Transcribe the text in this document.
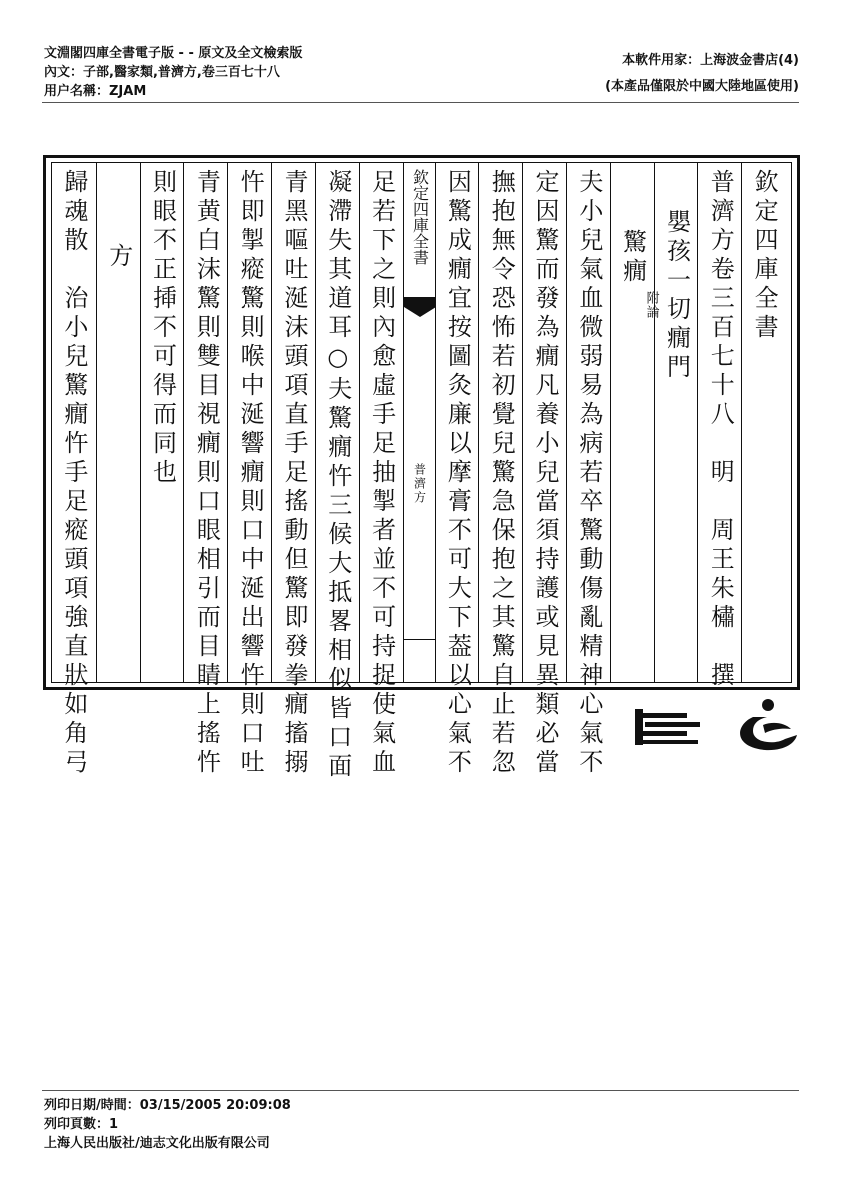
文淵閣四庫全書電子版 - - 原文及全文檢索版
內文：子部,醫家類,普濟方,卷三百七十八
用户名稱：ZJAM
本軟件用家：上海波金書店(4)
(本產品僅限於中國大陸地區使用)
欽定四庫全書
普濟方卷三百七十八　明　周王朱橚　撰
嬰孩一切癇門
驚癇
附論
夫小兒氣血微弱易為病若卒驚動傷亂精神心氣不
定因驚而發為癇凡養小兒當須持護或見異類必當
撫抱無令恐怖若初覺兒驚急保抱之其驚自止若忽
因驚成癇宜按圖灸廉以摩膏不可大下葢以心氣不
欽定四庫全書
普濟方
足若下之則內愈虛手足抽掣者並不可持捉使氣血
凝滯失其道耳○夫驚癇忤三候大抵畧相似皆口面
青黑嘔吐涎沫頭項直手足搖動但驚即發拳癇搐搦
忤即掣瘲驚則喉中涎響癇則口中涎出響忤則口吐
青黄白沫驚則雙目視癇則口眼相引而目睛上搖忤
則眼不正揷不可得而同也
方
歸魂散　治小兒驚癇忤手足瘲頭項強直狀如角弓
列印日期/時間：03/15/2005 20:09:08
列印頁數：1
上海人民出版社/迪志文化出版有限公司
